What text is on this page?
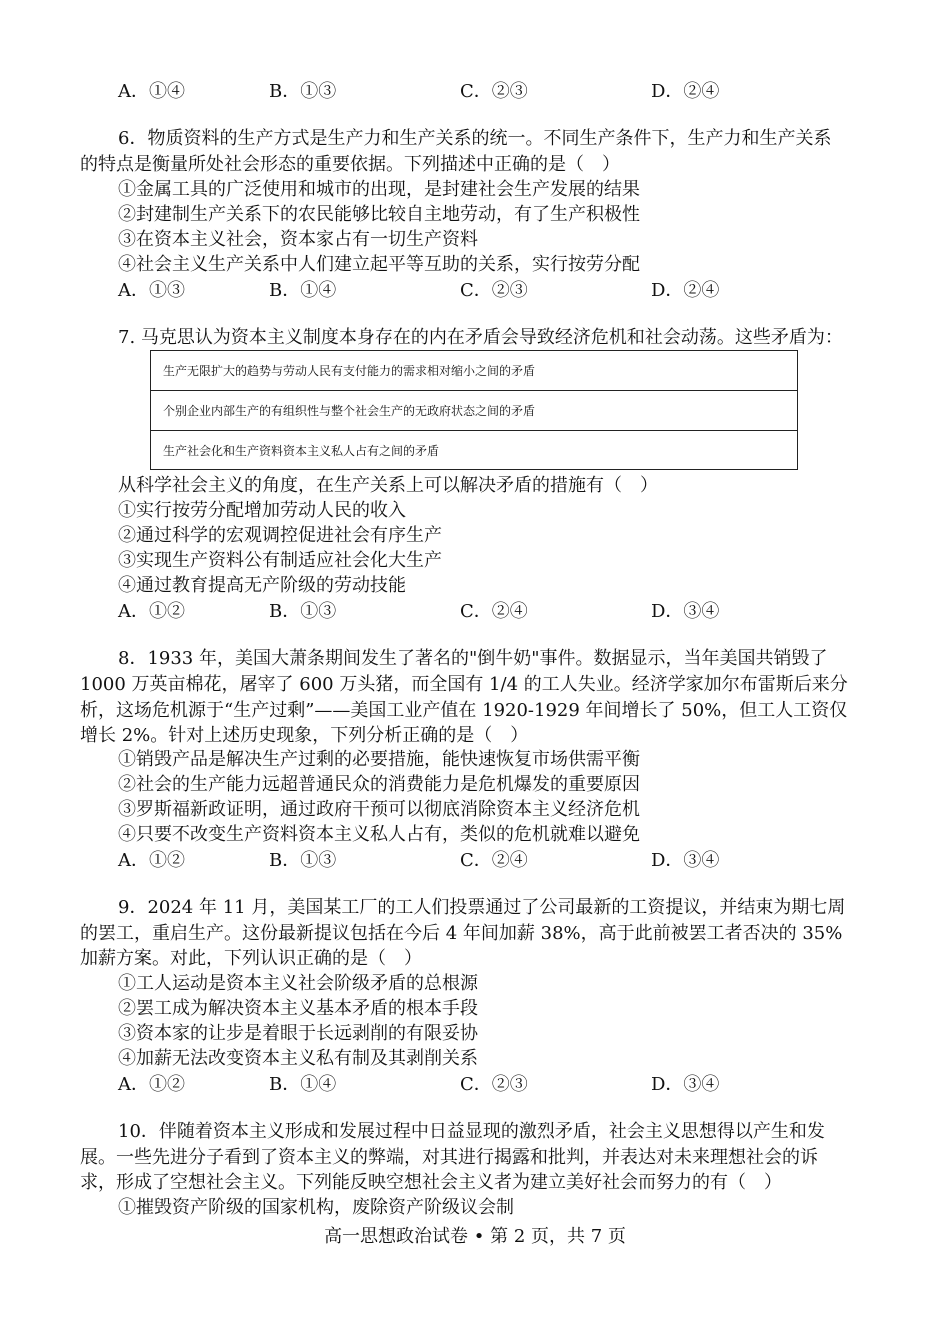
A．①④	B．①③	C．②③	D．②④
6．物质资料的生产方式是生产力和生产关系的统一。不同生产条件下，生产力和生产关系
的特点是衡量所处社会形态的重要依据。下列描述中正确的是（　）
①金属工具的广泛使用和城市的出现，是封建社会生产发展的结果
②封建制生产关系下的农民能够比较自主地劳动，有了生产积极性
③在资本主义社会，资本家占有一切生产资料
④社会主义生产关系中人们建立起平等互助的关系，实行按劳分配
A．①③	B．①④	C．②③	D．②④
7. 马克思认为资本主义制度本身存在的内在矛盾会导致经济危机和社会动荡。这些矛盾为：
生产无限扩大的趋势与劳动人民有支付能力的需求相对缩小之间的矛盾
个别企业内部生产的有组织性与整个社会生产的无政府状态之间的矛盾
生产社会化和生产资料资本主义私人占有之间的矛盾
从科学社会主义的角度，在生产关系上可以解决矛盾的措施有（　）
①实行按劳分配增加劳动人民的收入
②通过科学的宏观调控促进社会有序生产
③实现生产资料公有制适应社会化大生产
④通过教育提高无产阶级的劳动技能
A．①②	B．①③	C．②④	D．③④
8．1933 年，美国大萧条期间发生了著名的"倒牛奶"事件。数据显示，当年美国共销毁了
1000 万英亩棉花，屠宰了 600 万头猪，而全国有 1/4 的工人失业。经济学家加尔布雷斯后来分
析，这场危机源于“生产过剩”——美国工业产值在 1920-1929 年间增长了 50%，但工人工资仅
增长 2%。针对上述历史现象，下列分析正确的是（　）
①销毁产品是解决生产过剩的必要措施，能快速恢复市场供需平衡
②社会的生产能力远超普通民众的消费能力是危机爆发的重要原因
③罗斯福新政证明，通过政府干预可以彻底消除资本主义经济危机
④只要不改变生产资料资本主义私人占有，类似的危机就难以避免
A．①②	B．①③	C．②④	D．③④
9．2024 年 11 月，美国某工厂的工人们投票通过了公司最新的工资提议，并结束为期七周
的罢工，重启生产。这份最新提议包括在今后 4 年间加薪 38%，高于此前被罢工者否决的 35%
加薪方案。对此，下列认识正确的是（　）
①工人运动是资本主义社会阶级矛盾的总根源
②罢工成为解决资本主义基本矛盾的根本手段
③资本家的让步是着眼于长远剥削的有限妥协
④加薪无法改变资本主义私有制及其剥削关系
A．①②	B．①④	C．②③	D．③④
10．伴随着资本主义形成和发展过程中日益显现的激烈矛盾，社会主义思想得以产生和发
展。一些先进分子看到了资本主义的弊端，对其进行揭露和批判，并表达对未来理想社会的诉
求，形成了空想社会主义。下列能反映空想社会主义者为建立美好社会而努力的有（　）
①摧毁资产阶级的国家机构，废除资产阶级议会制
高一思想政治试卷 • 第 2 页，共 7 页
